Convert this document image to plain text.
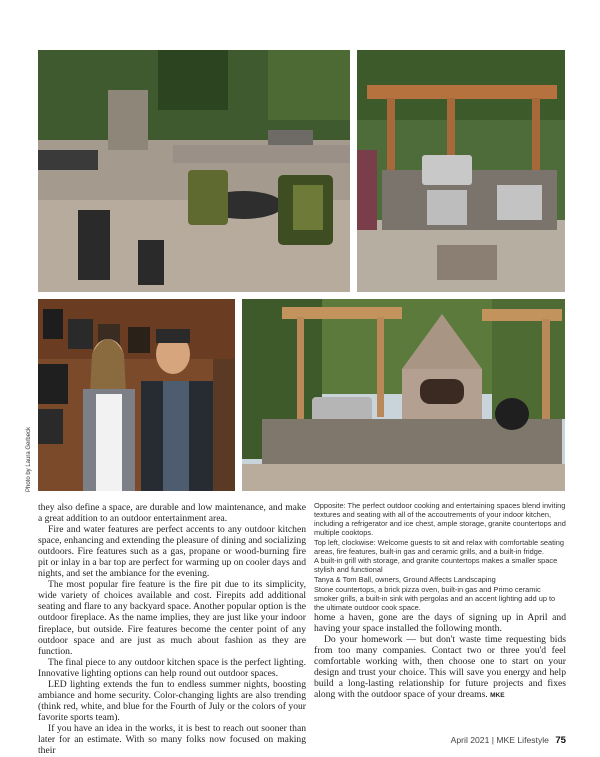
Photo by Laura Gerbeck

they also define a space, are durable and low maintenance, and make a great addition to an outdoor entertainment area.

Fire and water features are perfect accents to any outdoor kitchen space, enhancing and extending the pleasure of dining and socializing outdoors. Fire features such as a gas, propane or wood-burning fire pit or inlay in a bar top are perfect for warming up on cooler days and nights, and set the ambiance for the evening.

The most popular fire feature is the fire pit due to its simplicity, wide variety of choices available and cost. Firepits add additional seating and flare to any backyard space. Another popular option is the outdoor fireplace. As the name implies, they are just like your indoor fireplace, but outside. Fire features become the center point of any outdoor space and are just as much about fashion as they are function.

The final piece to any outdoor kitchen space is the perfect lighting. Innovative lighting options can help round out outdoor spaces.

LED lighting extends the fun to endless summer nights, boosting ambiance and home security. Color-changing lights are also trending (think red, white, and blue for the Fourth of July or the colors of your favorite sports team).

If you have an idea in the works, it is best to reach out sooner than later for an estimate. With so many folks now focused on making their

Opposite: The perfect outdoor cooking and entertaining spaces blend inviting textures and seating with all of the accoutrements of your indoor kitchen, including a refrigerator and ice chest, ample storage, granite countertops and multiple cooktops.

Top left, clockwise: Welcome guests to sit and relax with comfortable seating areas, fire features, built-in gas and ceramic grills, and a built-in fridge.

A built-in grill with storage, and granite countertops makes a smaller space stylish and functional

Tanya & Tom Ball, owners, Ground Affects Landscaping

Stone countertops, a brick pizza oven, built-in gas and Primo ceramic smoker grills, a built-in sink with pergolas and an accent lighting add up to the ultimate outdoor cook space.

home a haven, gone are the days of signing up in April and having your space installed the following month.

Do your homework — but don't waste time requesting bids from too many companies. Contact two or three you'd feel comfortable working with, then choose one to start on your design and trust your choice. This will save you energy and help build a long-lasting relationship for future projects and fixes along with the outdoor space of your dreams. MKE

April 2021 | MKE Lifestyle 75
